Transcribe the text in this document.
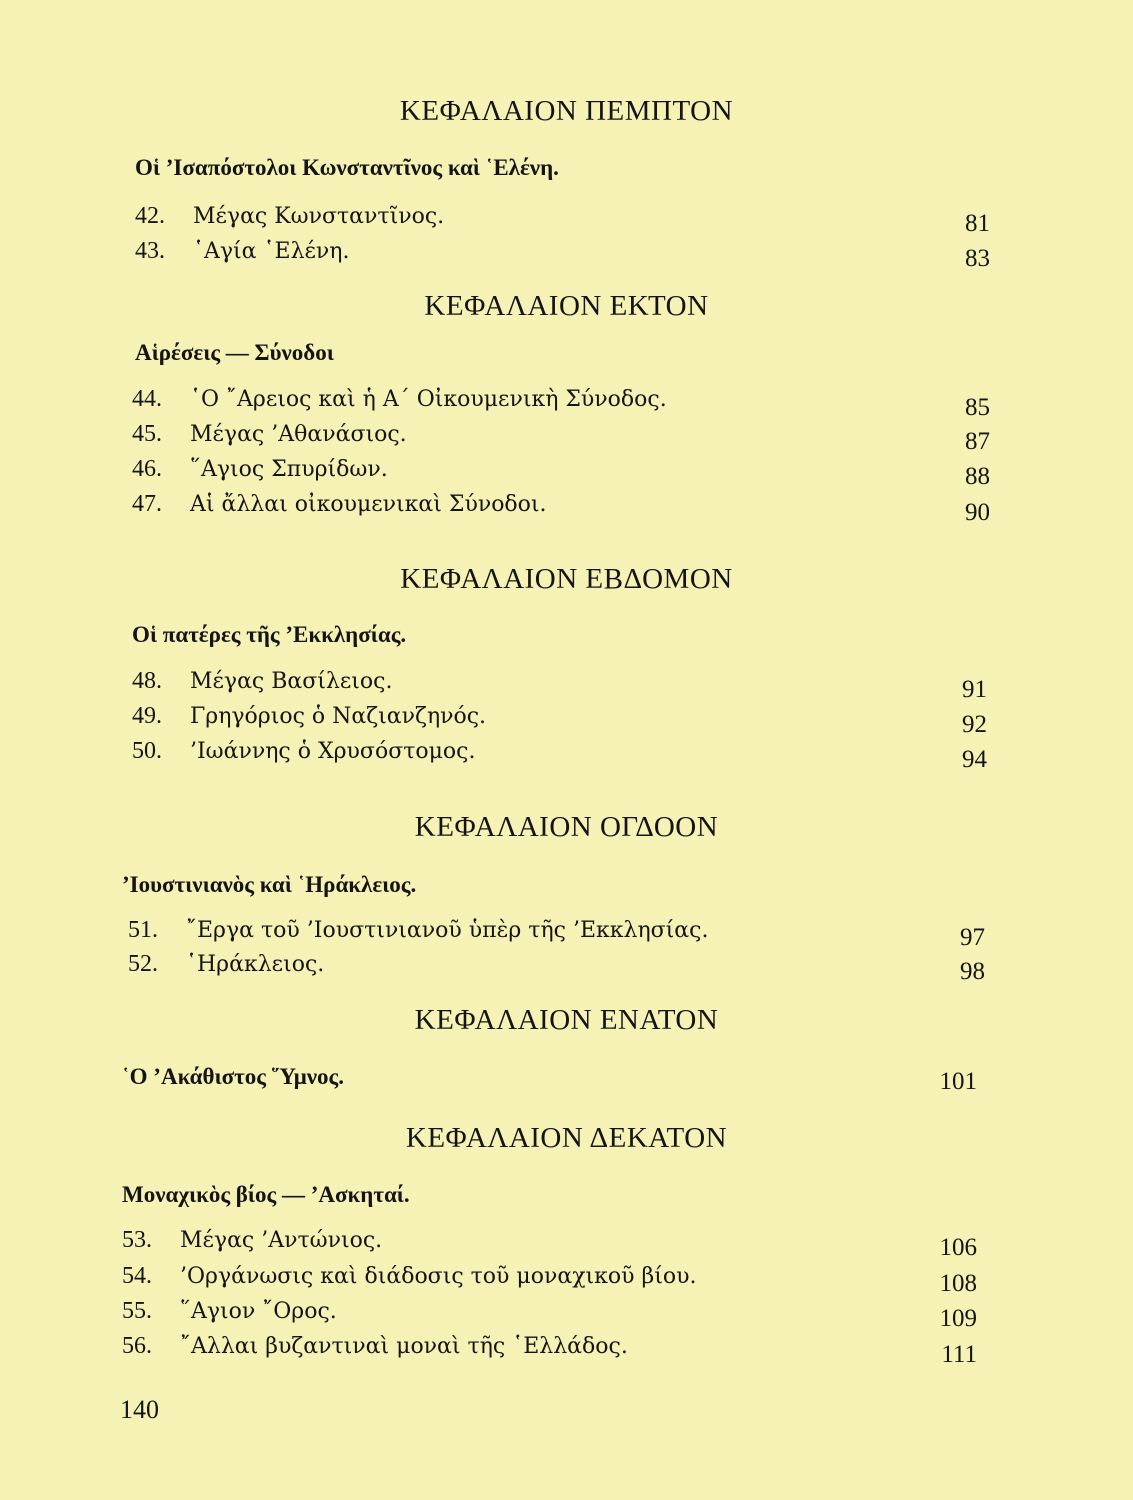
ΚΕΦΑΛΑΙΟΝ ΠΕΜΠΤΟΝ
Οἱ ’Ισαπόστολοι Κωνσταντῖνος καὶ ῾Ελένη.
42. Μέγας Κωνσταντῖνος.	81
43. ῾Αγία ῾Ελένη.	83
ΚΕΦΑΛΑΙΟΝ ΕΚΤΟΝ
Αἱρέσεις — Σύνοδοι
44. ῾Ο ῎Αρειος καὶ ἡ Α΄ Οἰκουμενικὴ Σύνοδος.	85
45. Μέγας ’Αθανάσιος.	87
46. ῞Αγιος Σπυρίδων.	88
47. Αἱ ἄλλαι οἰκουμενικαὶ Σύνοδοι.	90
ΚΕΦΑΛΑΙΟΝ ΕΒΔΟΜΟΝ
Οἱ πατέρες τῆς ’Εκκλησίας.
48. Μέγας Βασίλειος.	91
49. Γρηγόριος ὁ Ναζιανζηνός.	92
50. ’Ιωάννης ὁ Χρυσόστομος.	94
ΚΕΦΑΛΑΙΟΝ ΟΓΔΟΟΝ
’Ιουστινιανὸς καὶ ῾Ηράκλειος.
51. ῎Εργα τοῦ ’Ιουστινιανοῦ ὑπὲρ τῆς ’Εκκλησίας.	97
52. ῾Ηράκλειος.	98
ΚΕΦΑΛΑΙΟΝ ΕΝΑΤΟΝ
῾Ο ’Ακάθιστος ῞Υμνος.	101
ΚΕΦΑΛΑΙΟΝ ΔΕΚΑΤΟΝ
Μοναχικὸς βίος — ’Ασκηταί.
53. Μέγας ’Αντώνιος.	106
54. ’Οργάνωσις καὶ διάδοσις τοῦ μοναχικοῦ βίου.	108
55. ῞Αγιον ῎Ορος.	109
56. ῎Αλλαι βυζαντιναὶ μοναὶ τῆς ῾Ελλάδος.	111
140
